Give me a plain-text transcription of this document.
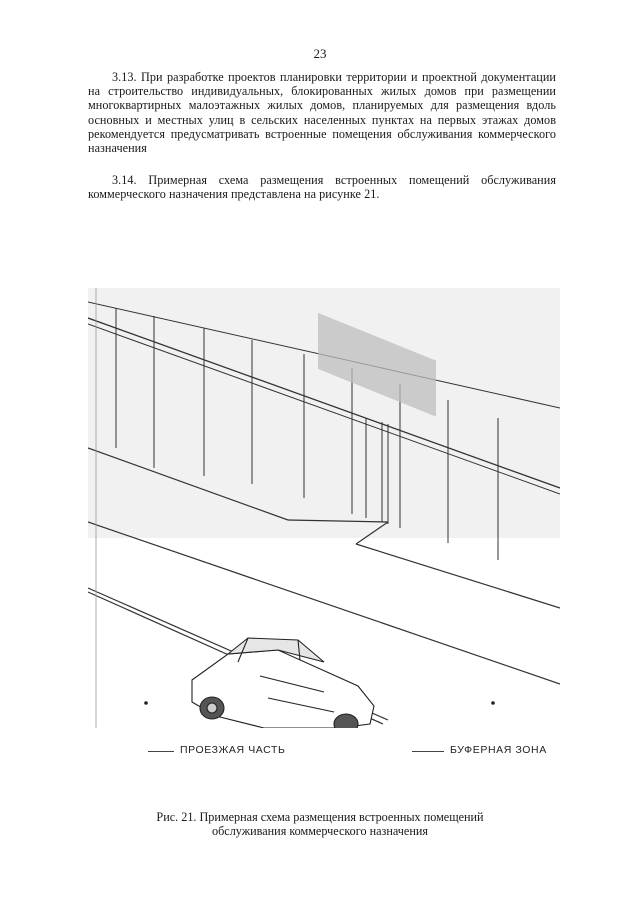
23
3.13. При разработке проектов планировки территории и проектной документации на строительство индивидуальных, блокированных жилых домов при размещении многоквартирных малоэтажных жилых домов, планируемых для размещения вдоль основных и местных улиц в сельских населенных пунктах на первых этажах домов рекомендуется предусматривать встроенные помещения обслуживания коммерческого назначения
3.14. Примерная схема размещения встроенных помещений обслуживания коммерческого назначения представлена на рисунке 21.
ПРОЕЗЖАЯ ЧАСТЬ	БУФЕРНАЯ ЗОНА
Рис. 21. Примерная схема размещения встроенных помещений
обслуживания коммерческого назначения
